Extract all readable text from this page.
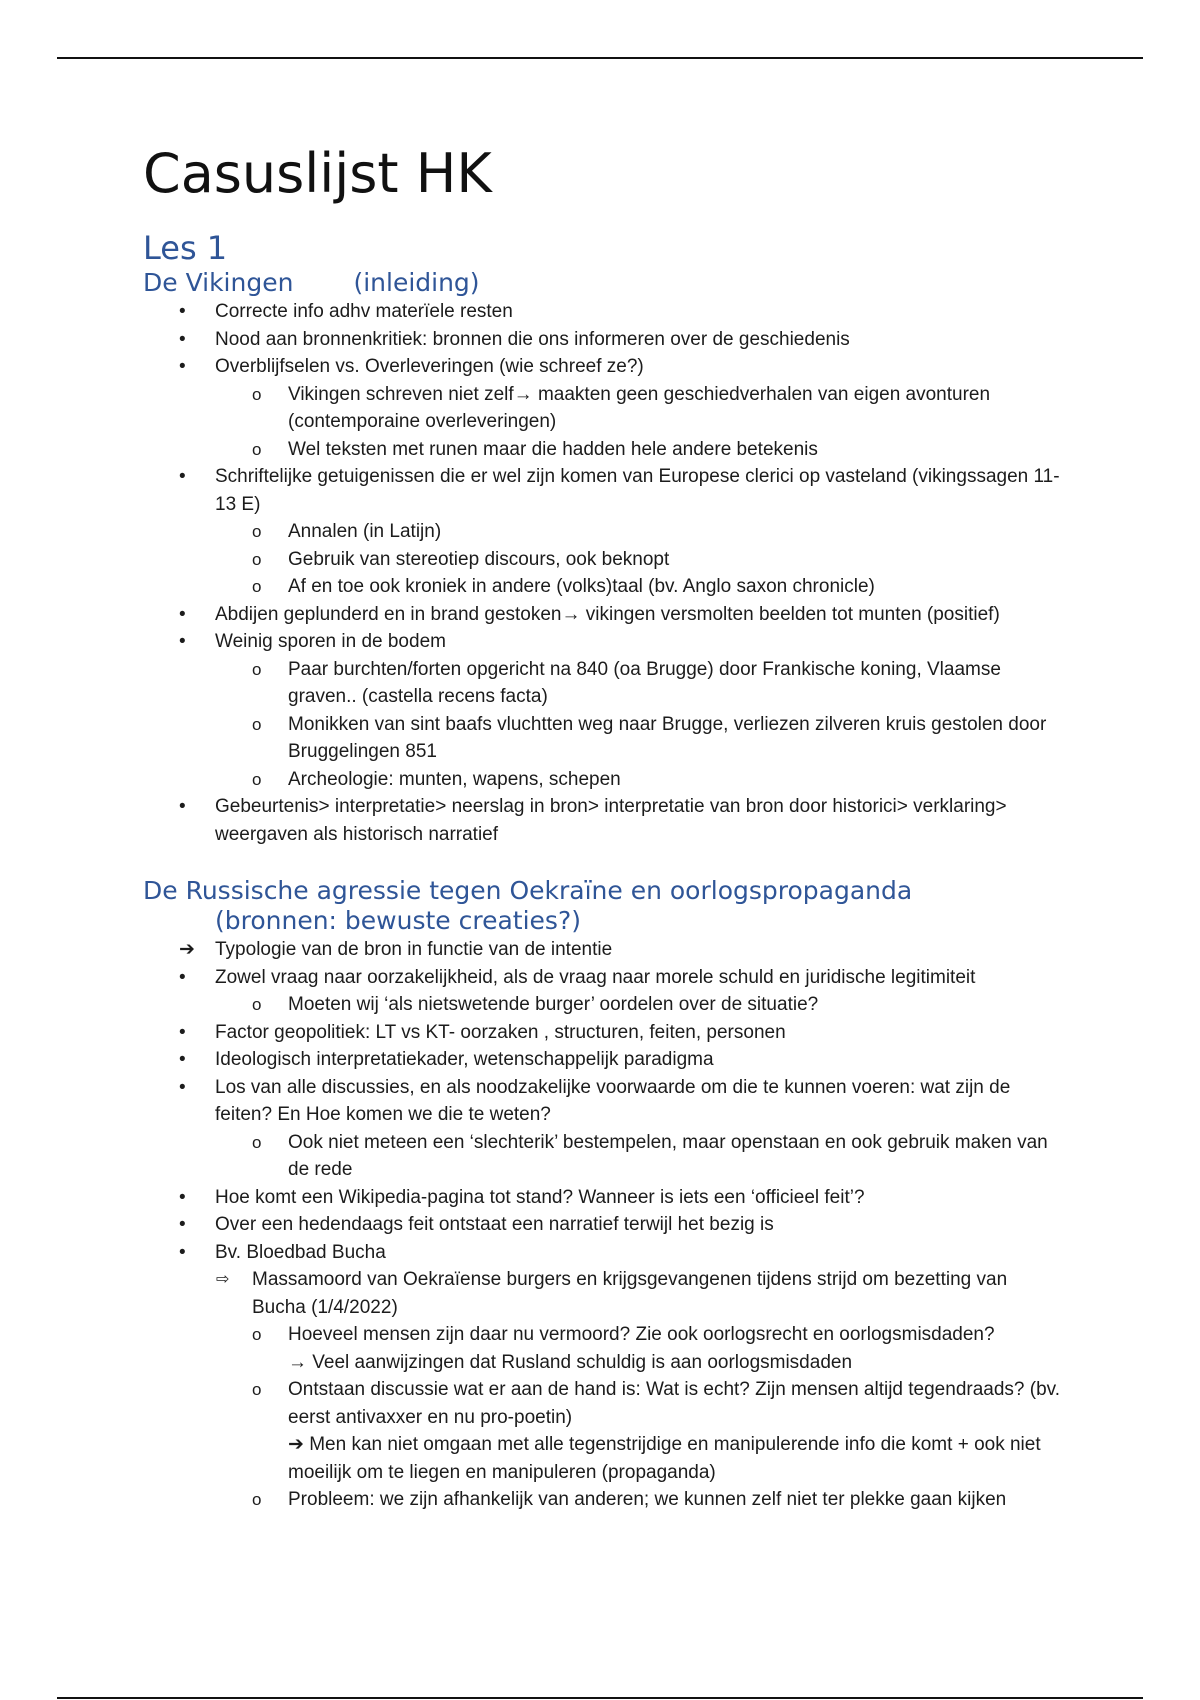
Casuslijst HK
Les 1
De Vikingen (inleiding)
• Correcte info adhv materïele resten
• Nood aan bronnenkritiek: bronnen die ons informeren over de geschiedenis
• Overblijfselen vs. Overleveringen (wie schreef ze?)
o Vikingen schreven niet zelf→ maakten geen geschiedverhalen van eigen avonturen (contemporaine overleveringen)
o Wel teksten met runen maar die hadden hele andere betekenis
• Schriftelijke getuigenissen die er wel zijn komen van Europese clerici op vasteland (vikingssagen 11-13 E)
o Annalen (in Latijn)
o Gebruik van stereotiep discours, ook beknopt
o Af en toe ook kroniek in andere (volks)taal (bv. Anglo saxon chronicle)
• Abdijen geplunderd en in brand gestoken→ vikingen versmolten beelden tot munten (positief)
• Weinig sporen in de bodem
o Paar burchten/forten opgericht na 840 (oa Brugge) door Frankische koning, Vlaamse graven.. (castella recens facta)
o Monikken van sint baafs vluchtten weg naar Brugge, verliezen zilveren kruis gestolen door Bruggelingen 851
o Archeologie: munten, wapens, schepen
• Gebeurtenis> interpretatie> neerslag in bron> interpretatie van bron door historici> verklaring> weergaven als historisch narratief
De Russische agressie tegen Oekraïne en oorlogspropaganda
(bronnen: bewuste creaties?)
➔ Typologie van de bron in functie van de intentie
• Zowel vraag naar oorzakelijkheid, als de vraag naar morele schuld en juridische legitimiteit
o Moeten wij ‘als nietswetende burger’ oordelen over de situatie?
• Factor geopolitiek: LT vs KT- oorzaken , structuren, feiten, personen
• Ideologisch interpretatiekader, wetenschappelijk paradigma
• Los van alle discussies, en als noodzakelijke voorwaarde om die te kunnen voeren: wat zijn de feiten? En Hoe komen we die te weten?
o Ook niet meteen een ‘slechterik’ bestempelen, maar openstaan en ook gebruik maken van de rede
• Hoe komt een Wikipedia-pagina tot stand? Wanneer is iets een ‘officieel feit’?
• Over een hedendaags feit ontstaat een narratief terwijl het bezig is
• Bv. Bloedbad Bucha
⇨ Massamoord van Oekraïense burgers en krijgsgevangenen tijdens strijd om bezetting van Bucha (1/4/2022)
o Hoeveel mensen zijn daar nu vermoord? Zie ook oorlogsrecht en oorlogsmisdaden?
→ Veel aanwijzingen dat Rusland schuldig is aan oorlogsmisdaden
o Ontstaan discussie wat er aan de hand is: Wat is echt? Zijn mensen altijd tegendraads? (bv. eerst antivaxxer en nu pro-poetin)
➔ Men kan niet omgaan met alle tegenstrijdige en manipulerende info die komt + ook niet moeilijk om te liegen en manipuleren (propaganda)
o Probleem: we zijn afhankelijk van anderen; we kunnen zelf niet ter plekke gaan kijken
